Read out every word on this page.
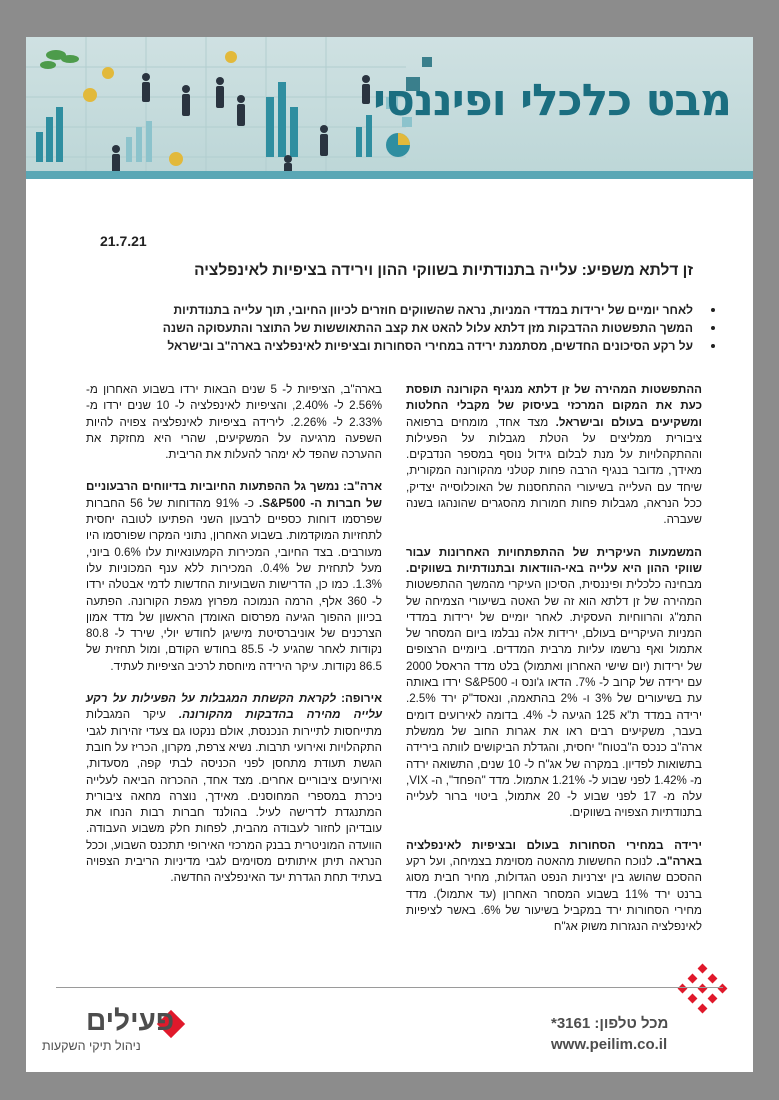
מבט כלכלי ופיננסי
21.7.21
זן דלתא משפיע: עלייה בתנודתיות בשווקי ההון וירידה בציפיות לאינפלציה
לאחר יומיים של ירידות במדדי המניות, נראה שהשווקים חוזרים לכיוון החיובי, תוך עלייה בתנודתיות
המשך התפשטות ההדבקות מזן דלתא עלול להאט את קצב ההתאוששות של התוצר והתעסוקה השנה
על רקע הסיכונים החדשים, מסתמנת ירידה במחירי הסחורות ובציפיות לאינפלציה בארה"ב ובישראל

ההתפשטות המהירה של זן דלתא מנגיף הקורונה תופסת כעת את המקום המרכזי בעיסוק של מקבלי החלטות ומשקיעים בעולם ובישראל. מצד אחד, מומחים ברפואה ציבורית ממליצים על הטלת מגבלות על הפעילות וההתקהלויות על מנת לבלום גידול נוסף במספר הנדבקים. מאידך, מדובר בנגיף הרבה פחות קטלני מהקורונה המקורית, שיחד עם העלייה בשיעורי ההתחסנות של האוכלוסייה יצדיק, ככל הנראה, מגבלות פחות חמורות מהסגרים שהונהגו בשנה שעברה.

המשמעות העיקרית של ההתפתחויות האחרונות עבור שווקי ההון היא עלייה באי-הוודאות ובתנודתיות בשווקים. מבחינה כלכלית ופיננסית, הסיכון העיקרי מהמשך ההתפשטות המהירה של זן דלתא הוא זה של האטה בשיעורי הצמיחה של התמ"ג והרווחיות העסקית. לאחר יומיים של ירידות במדדי המניות העיקריים בעולם, ירידות אלה נבלמו ביום המסחר של אתמול ואף נרשמו עליות מרבית המדדים. ביומיים הרצופים של ירידות (יום שישי האחרון ואתמול) בלט מדד הראסל 2000 עם ירידה של קרוב ל- 7%. הדאו ג'ונס ו- S&P500 ירדו באותה עת בשיעורים של 3% ו- 2% בהתאמה, ונאסד"ק ירד 2.5%. ירידה במדד ת"א 125 הגיעה ל- 4%. בדומה לאירועים דומים בעבר, משקיעים רבים ראו את אגרות החוב של ממשלת ארה"ב כנכס ה"בטוח" יחסית, והגדלת הביקושים לוותה בירידה בתשואות לפדיון. במקרה של אג"ח ל- 10 שנים, התשואה ירדה מ- 1.42% לפני שבוע ל- 1.21% אתמול. מדד "הפחד", ה- VIX, עלה מ- 17 לפני שבוע ל- 20 אתמול, ביטוי ברור לעלייה בתנודתיות הצפויה בשווקים.

ירידה במחירי הסחורות בעולם ובציפיות לאינפלציה בארה"ב. לנוכח החששות מהאטה מסוימת בצמיחה, ועל רקע ההסכם שהושג בין יצרניות הנפט הגדולות, מחיר חבית מסוג ברנט ירד 11% בשבוע המסחר האחרון (עד אתמול). מדד מחירי הסחורות ירד במקביל בשיעור של 6%. באשר לציפיות לאינפלציה הנגזרות משוק אג"ח

בארה"ב, הציפיות ל- 5 שנים הבאות ירדו בשבוע האחרון מ- 2.56% ל- 2.40%, והציפיות לאינפלציה ל- 10 שנים ירדו מ- 2.33% ל- 2.26%. לירידה בציפיות לאינפלציה צפויה להיות השפעה מרגיעה על המשקיעים, שהרי היא מחזקת את ההערכה שהפד לא ימהר להעלות את הריבית.

ארה"ב: נמשך גל ההפתעות החיוביות בדיווחים הרבעוניים של חברות ה- S&P500. כ- 91% מהדוחות של 56 החברות שפרסמו דוחות כספיים לרבעון השני הפתיעו לטובה יחסית לתחזיות המוקדמות. בשבוע האחרון, נתוני המקרו שפורסמו היו מעורבים. בצד החיובי, המכירות הקמעונאיות עלו 0.6% ביוני, מעל לתחזית של 0.4%. המכירות ללא ענף המכוניות עלו 1.3%. כמו כן, הדרישות השבועיות החדשות לדמי אבטלה ירדו ל- 360 אלף, הרמה הנמוכה מפרוץ מגפת הקורונה. הפתעה בכיוון ההפוך הגיעה מפרסום האומדן הראשון של מדד אמון הצרכנים של אוניברסיטת מישיגן לחודש יולי, שירד ל- 80.8 נקודות לאחר שהגיע ל- 85.5 בחודש הקודם, ומול תחזית של 86.5 נקודות. עיקר הירידה מיוחסת לרכיב הציפיות לעתיד.

אירופה: לקראת הקשחת המגבלות על הפעילות על רקע עלייה מהירה בהדבקות מהקורונה. עיקר המגבלות מתייחסות לתיירות הנכנסת, אולם ננקטו גם צעדי זהירות לגבי התקהלויות ואירועי תרבות. נשיא צרפת, מקרון, הכריז על חובת הגשת תעודת מתחסן לפני הכניסה לבתי קפה, מסעדות, ואירועים ציבוריים אחרים. מצד אחד, ההכרזה הביאה לעלייה ניכרת במספרי המחוסנים. מאידך, נוצרה מחאה ציבורית המתנגדת לדרישה לעיל. בהולנד חברות רבות הנחו את עובדיהן לחזור לעבודה מהבית, לפחות חלק משבוע העבודה. הוועדה המוניטרית בבנק המרכזי האירופי תתכנס השבוע, וככל הנראה תיתן איתותים מסוימים לגבי מדיניות הריבית הצפויה בעתיד תחת הגדרת יעד האינפלציה החדשה.

פעילים
ניהול תיקי השקעות
מכל טלפון: 3161*
www.peilim.co.il
